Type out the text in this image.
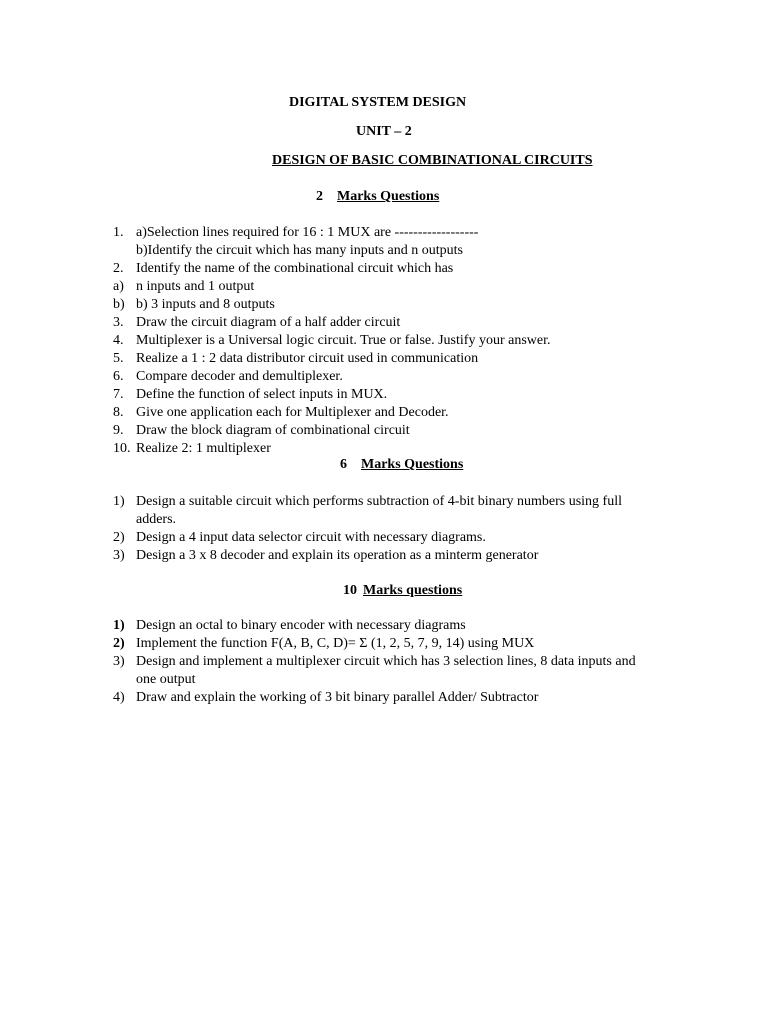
DIGITAL SYSTEM DESIGN
UNIT – 2
DESIGN OF BASIC COMBINATIONAL CIRCUITS
2 Marks Questions
1. a)Selection lines required for 16 : 1 MUX are ------------------
b)Identify the circuit which has many inputs and n outputs
2. Identify the name of the combinational circuit which has
a) n inputs and 1 output
b) b) 3 inputs and 8 outputs
3. Draw the circuit diagram of a half adder circuit
4. Multiplexer is a Universal logic circuit. True or false. Justify your answer.
5. Realize a 1 : 2 data distributor circuit used in communication
6. Compare decoder and demultiplexer.
7. Define the function of select inputs in MUX.
8. Give one application each for Multiplexer and Decoder.
9. Draw the block diagram of combinational circuit
10. Realize 2: 1 multiplexer
6 Marks Questions
1) Design a suitable circuit which performs subtraction of 4-bit binary numbers using full
adders.
2) Design a 4 input data selector circuit with necessary diagrams.
3) Design a 3 x 8 decoder and explain its operation as a minterm generator
10 Marks questions
1) Design an octal to binary encoder with necessary diagrams
2) Implement the function F(A, B, C, D)= Σ (1, 2, 5, 7, 9, 14) using MUX
3) Design and implement a multiplexer circuit which has 3 selection lines, 8 data inputs and
one output
4) Draw and explain the working of 3 bit binary parallel Adder/ Subtractor
